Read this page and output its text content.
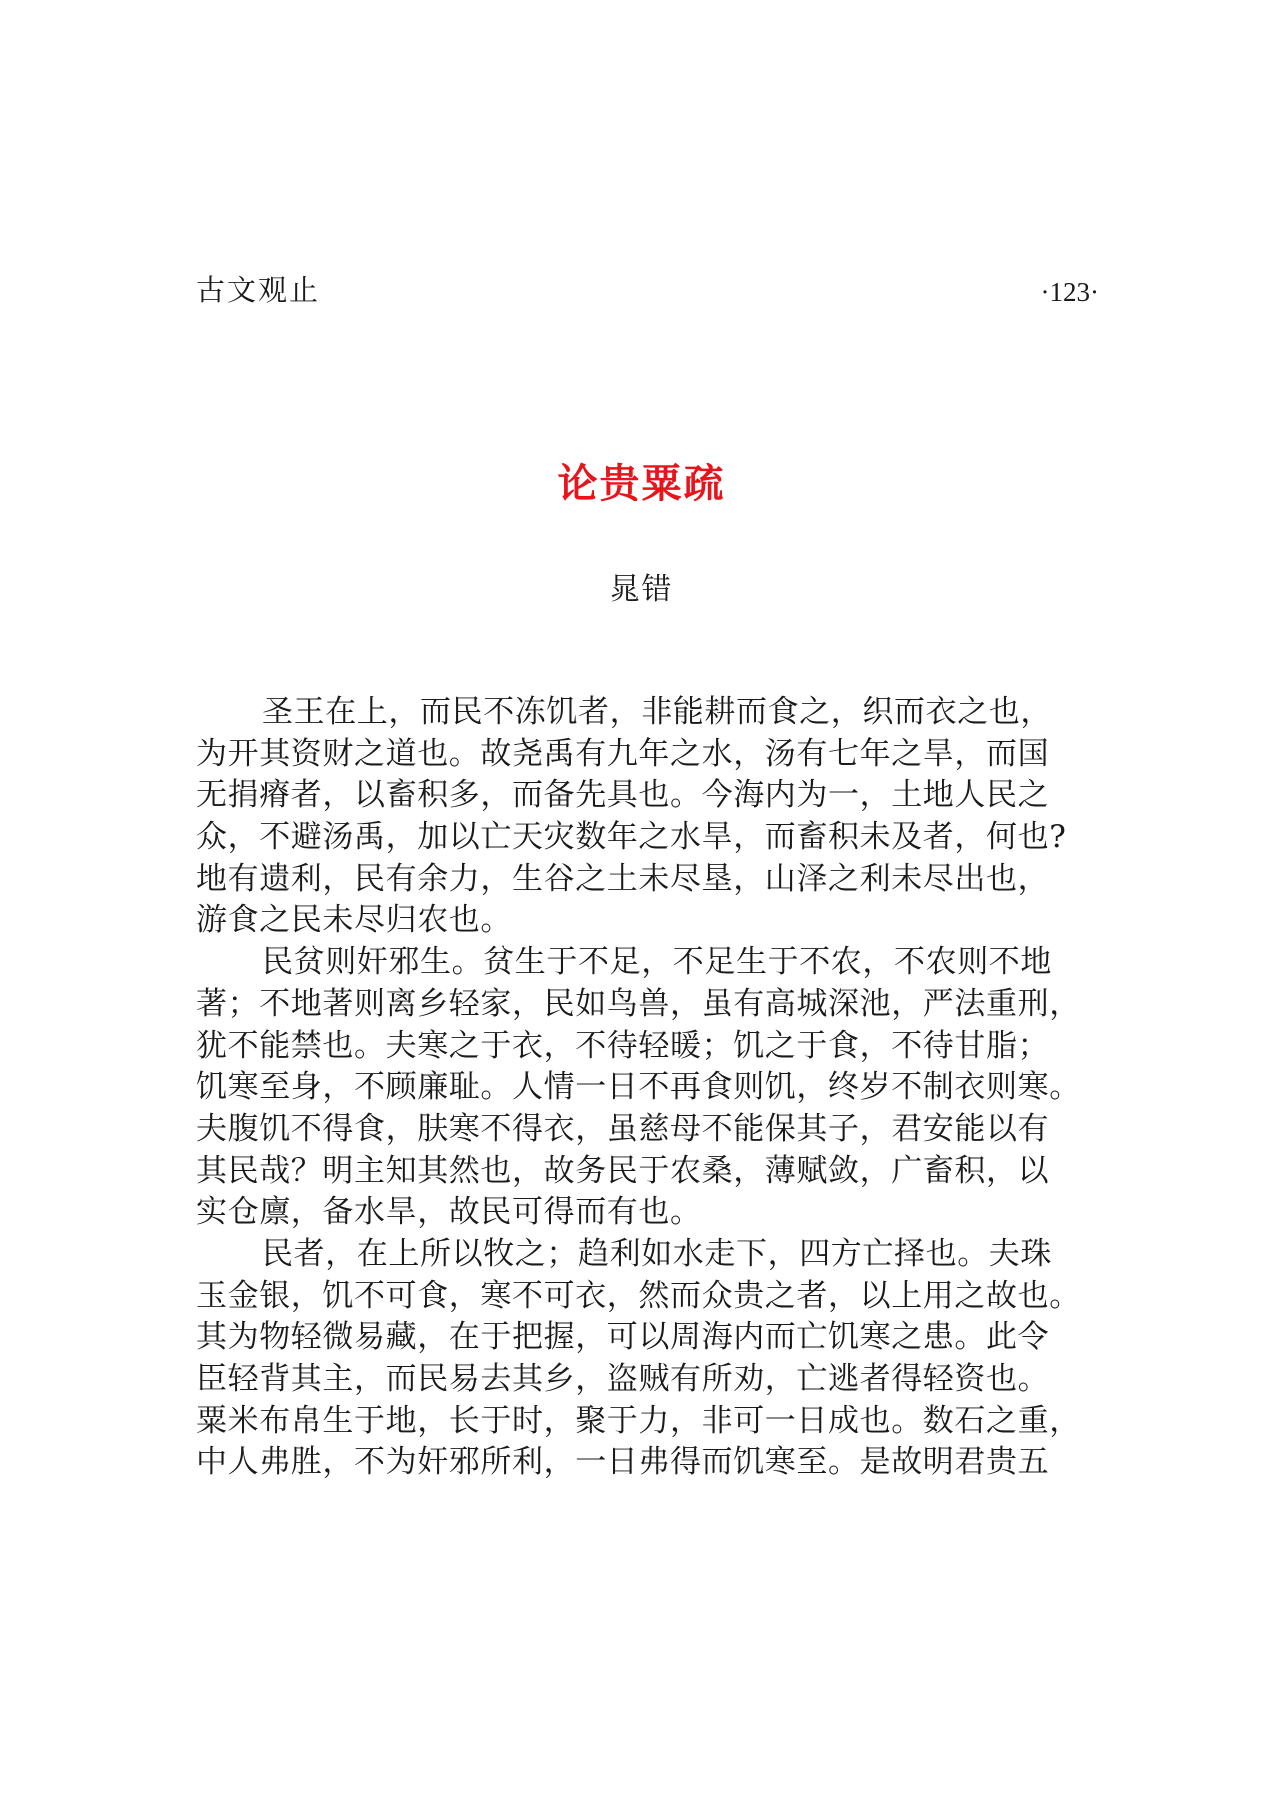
古文观止	·123·
论贵粟疏
晁错
圣王在上，而民不冻饥者，非能耕而食之，织而衣之也，
为开其资财之道也。故尧禹有九年之水，汤有七年之旱，而国
无捐瘠者，以畜积多，而备先具也。今海内为一，土地人民之
众，不避汤禹，加以亡天灾数年之水旱，而畜积未及者，何也?
地有遗利，民有余力，生谷之土未尽垦，山泽之利未尽出也，
游食之民未尽归农也。
民贫则奸邪生。贫生于不足，不足生于不农，不农则不地
著；不地著则离乡轻家，民如鸟兽，虽有高城深池，严法重刑，
犹不能禁也。夫寒之于衣，不待轻暖；饥之于食，不待甘脂；
饥寒至身，不顾廉耻。人情一日不再食则饥，终岁不制衣则寒。
夫腹饥不得食，肤寒不得衣，虽慈母不能保其子，君安能以有
其民哉？明主知其然也，故务民于农桑，薄赋敛，广畜积，以
实仓廪，备水旱，故民可得而有也。
民者，在上所以牧之；趋利如水走下，四方亡择也。夫珠
玉金银，饥不可食，寒不可衣，然而众贵之者，以上用之故也。
其为物轻微易藏，在于把握，可以周海内而亡饥寒之患。此令
臣轻背其主，而民易去其乡，盗贼有所劝，亡逃者得轻资也。
粟米布帛生于地，长于时，聚于力，非可一日成也。数石之重，
中人弗胜，不为奸邪所利，一日弗得而饥寒至。是故明君贵五
